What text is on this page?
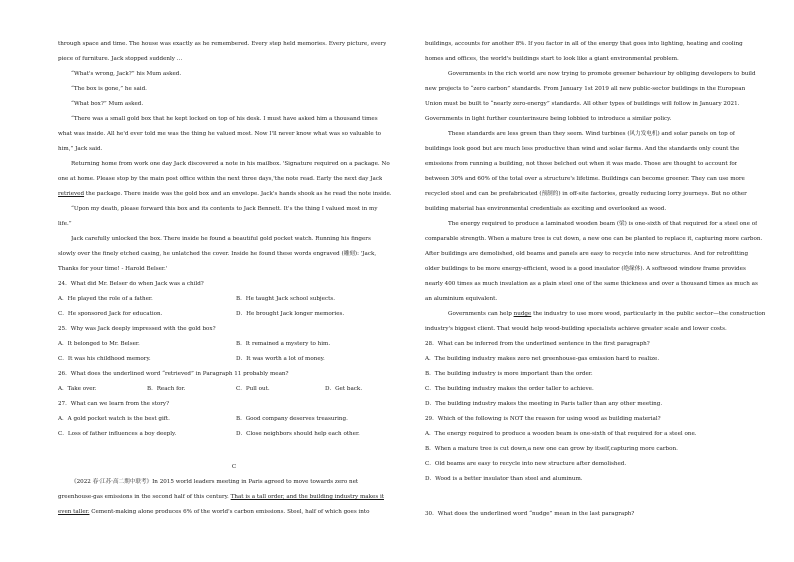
through space and time. The house was exactly as he remembered. Every step held memories. Every picture, every
piece of furniture. Jack stopped suddenly …
“What's wrong, Jack?” his Mum asked.
“The box is gone,” he said.
“What box?” Mum asked.
“There was a small gold box that he kept locked on top of his desk. I must have asked him a thousand times
what was inside. All he'd ever told me was the thing he valued most. Now I'll never know what was so valuable to
him,” Jack said.
Returning home from work one day Jack discovered a note in his mailbox. 'Signature required on a package. No
one at home. Please stop by the main post office within the next three days,'the note read. Early the next day Jack
retrieved the package. There inside was the gold box and an envelope. Jack's hands shook as he read the note inside.
“Upon my death, please forward this box and its contents to Jack Bennett. It's the thing I valued most in my
life.”
Jack carefully unlocked the box. There inside he found a beautiful gold pocket watch. Running his fingers
slowly over the finely etched casing, he unlatched the cover. Inside he found these words engraved (雕刻): 'Jack,
Thanks for your time! - Harold Belser.'
24．What did Mr. Belser do when Jack was a child?
A．He played the role of a father.	B．He taught Jack school subjects.
C．He sponsored Jack for education.	D．He brought Jack longer memories.
25．Why was Jack deeply impressed with the gold box?
A．It belonged to Mr. Belser.	B．It remained a mystery to him.
C．It was his childhood memory.	D．It was worth a lot of money.
26．What does the underlined word “retrieved” in Paragraph 11 probably mean?
A．Take over.	B．Reach for.	C．Pull out.	D．Get back.
27．What can we learn from the story?
A．A gold pocket watch is the best gift.	B．Good company deserves treasuring.
C．Loss of father influences a boy deeply.	D．Close neighbors should help each other.
C
《2022 春·江苏·高二期中联考》In 2015 world leaders meeting in Paris agreed to move towards zero net
greenhouse-gas emissions in the second half of this century. That is a tall order, and the building industry makes it
even taller. Cement-making alone produces 6% of the world's carbon emissions. Steel, half of which goes into
buildings, accounts for another 8%. If you factor in all of the energy that goes into lighting, heating and cooling
homes and offices, the world's buildings start to look like a giant environmental problem.
Governments in the rich world are now trying to promote greener behaviour by obliging developers to build
new projects to “zero carbon” standards. From January 1st 2019 all new public-sector buildings in the European
Union must be built to “nearly zero-energy” standards. All other types of buildings will follow in January 2021.
Governments in light further counterinsure being lobbied to introduce a similar policy.
These standards are less green than they seem. Wind turbines (风力发电机) and solar panels on top of
buildings look good but are much less productive than wind and solar farms. And the standards only count the
emissions from running a building, not those belched out when it was made. Those are thought to account for
between 30% and 60% of the total over a structure's lifetime. Buildings can become greener. They can use more
recycled steel and can be prefabricated (预制的) in off-site factories, greatly reducing lorry journeys. But no other
building material has environmental credentials as exciting and overlooked as wood.
The energy required to produce a laminated wooden beam (梁) is one-sixth of that required for a steel one of
comparable strength. When a mature tree is cut down, a new one can be planted to replace it, capturing more carbon.
After buildings are demolished, old beams and panels are easy to recycle into new structures. And for retrofitting
older buildings to be more energy-efficient, wood is a good insulator (绝缘体). A softwood window frame provides
nearly 400 times as much insulation as a plain steel one of the same thickness and over a thousand times as much as
an aluminium equivalent.
Governments can help nudge the industry to use more wood, particularly in the public sector—the construction
industry's biggest client. That would help wood-building specialists achieve greater scale and lower costs.
28．What can be inferred from the underlined sentence in the first paragraph?
A．The building industry makes zero net greenhouse-gas emission hard to realize.
B．The building industry is more important than the order.
C．The building industry makes the order taller to achieve.
D．The building industry makes the meeting in Paris taller than any other meeting.
29．Which of the following is NOT the reason for using wood as building material?
A．The energy required to produce a wooden beam is one-sixth of that required for a steel one.
B．When a mature tree is cut down,a new one can grow by itself,capturing more carbon.
C．Old beams are easy to recycle into new structure after demolished.
D．Wood is a better insulator than steel and aluminum.
30．What does the underlined word “nudge” mean in the last paragraph?
